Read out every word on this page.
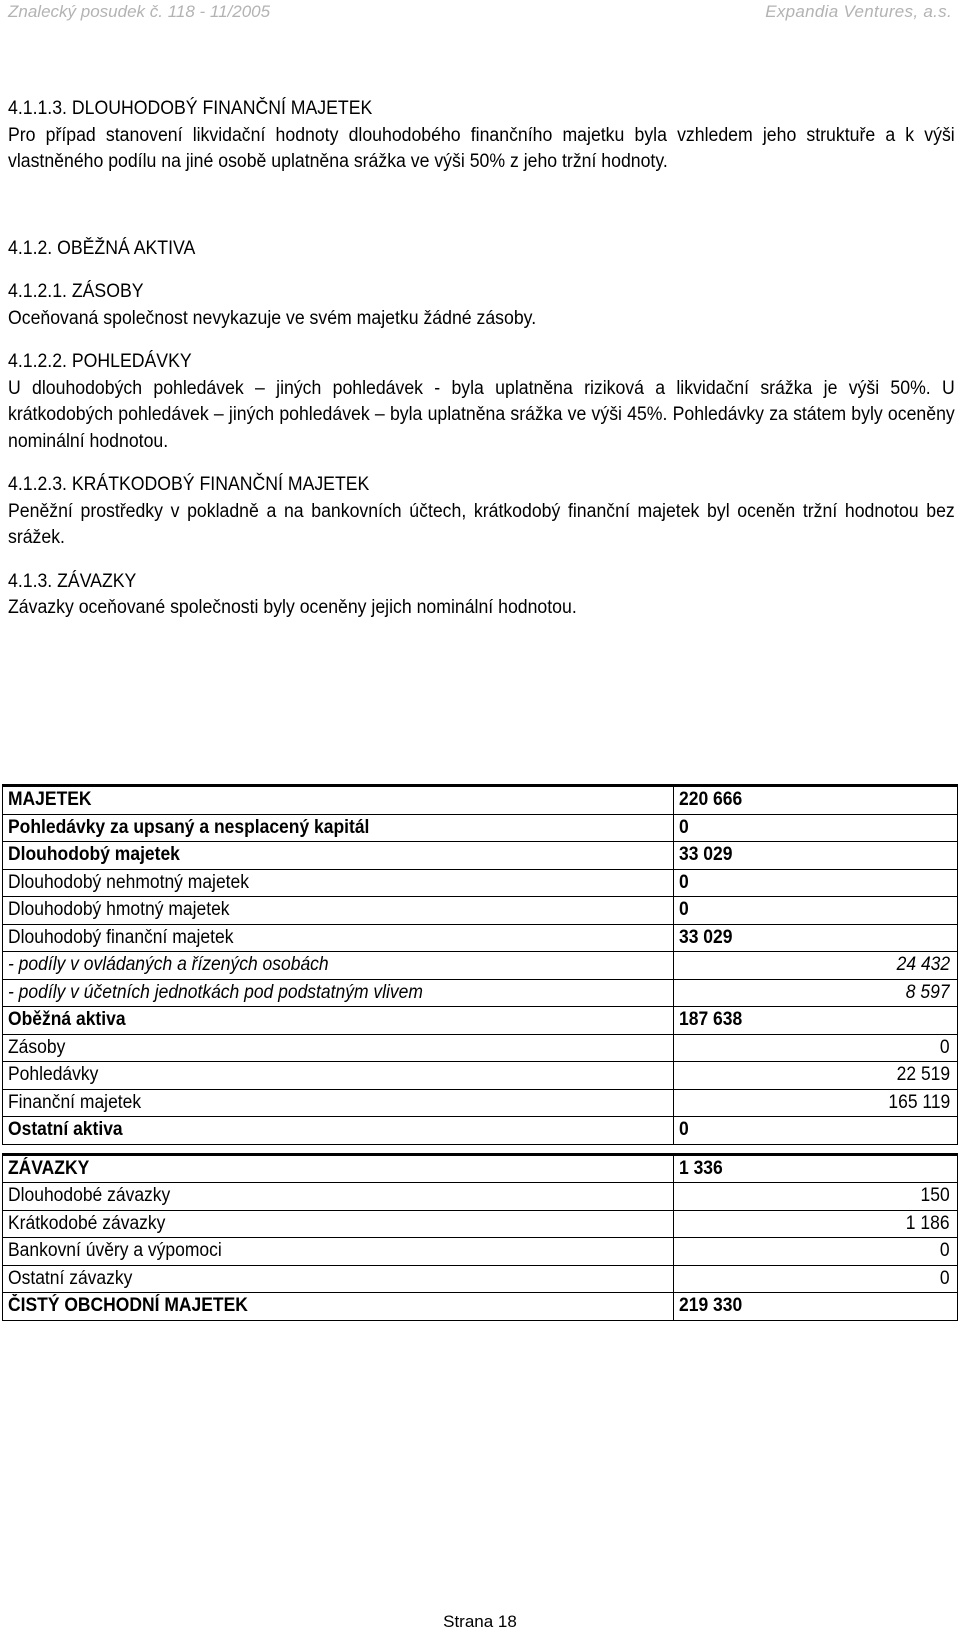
Znalecký posudek č. 118 - 11/2005	Expandia Ventures, a.s.

4.1.1.3. DLOUHODOBÝ FINANČNÍ MAJETEK

Pro případ stanovení likvidační hodnoty dlouhodobého finančního majetku byla vzhledem jeho struktuře a k výši vlastněného podílu na jiné osobě uplatněna srážka ve výši 50% z jeho tržní hodnoty.

4.1.2. OBĚŽNÁ AKTIVA

4.1.2.1. ZÁSOBY

Oceňovaná společnost nevykazuje ve svém majetku žádné zásoby.

4.1.2.2. POHLEDÁVKY

U dlouhodobých pohledávek – jiných pohledávek - byla uplatněna riziková a likvidační srážka je výši 50%. U krátkodobých pohledávek – jiných pohledávek – byla uplatněna srážka ve výši 45%. Pohledávky za státem byly oceněny nominální hodnotou.

4.1.2.3. KRÁTKODOBÝ FINANČNÍ MAJETEK

Peněžní prostředky v pokladně a na bankovních účtech, krátkodobý finanční majetek byl oceněn tržní hodnotou bez srážek.

4.1.3. ZÁVAZKY

Závazky oceňované společnosti byly oceněny jejich nominální hodnotou.

MAJETEK	220 666
Pohledávky za upsaný a nesplacený kapitál	0
Dlouhodobý majetek	33 029
Dlouhodobý nehmotný majetek	0
Dlouhodobý hmotný majetek	0
Dlouhodobý finanční majetek	33 029
- podíly v ovládaných a řízených osobách	24 432
- podíly v účetních jednotkách pod podstatným vlivem	8 597
Oběžná aktiva	187 638
Zásoby	0
Pohledávky	22 519
Finanční majetek	165 119
Ostatní aktiva	0

ZÁVAZKY	1 336
Dlouhodobé závazky	150
Krátkodobé závazky	1 186
Bankovní úvěry a výpomoci	0
Ostatní závazky	0
ČISTÝ OBCHODNÍ MAJETEK	219 330
Strana 18
